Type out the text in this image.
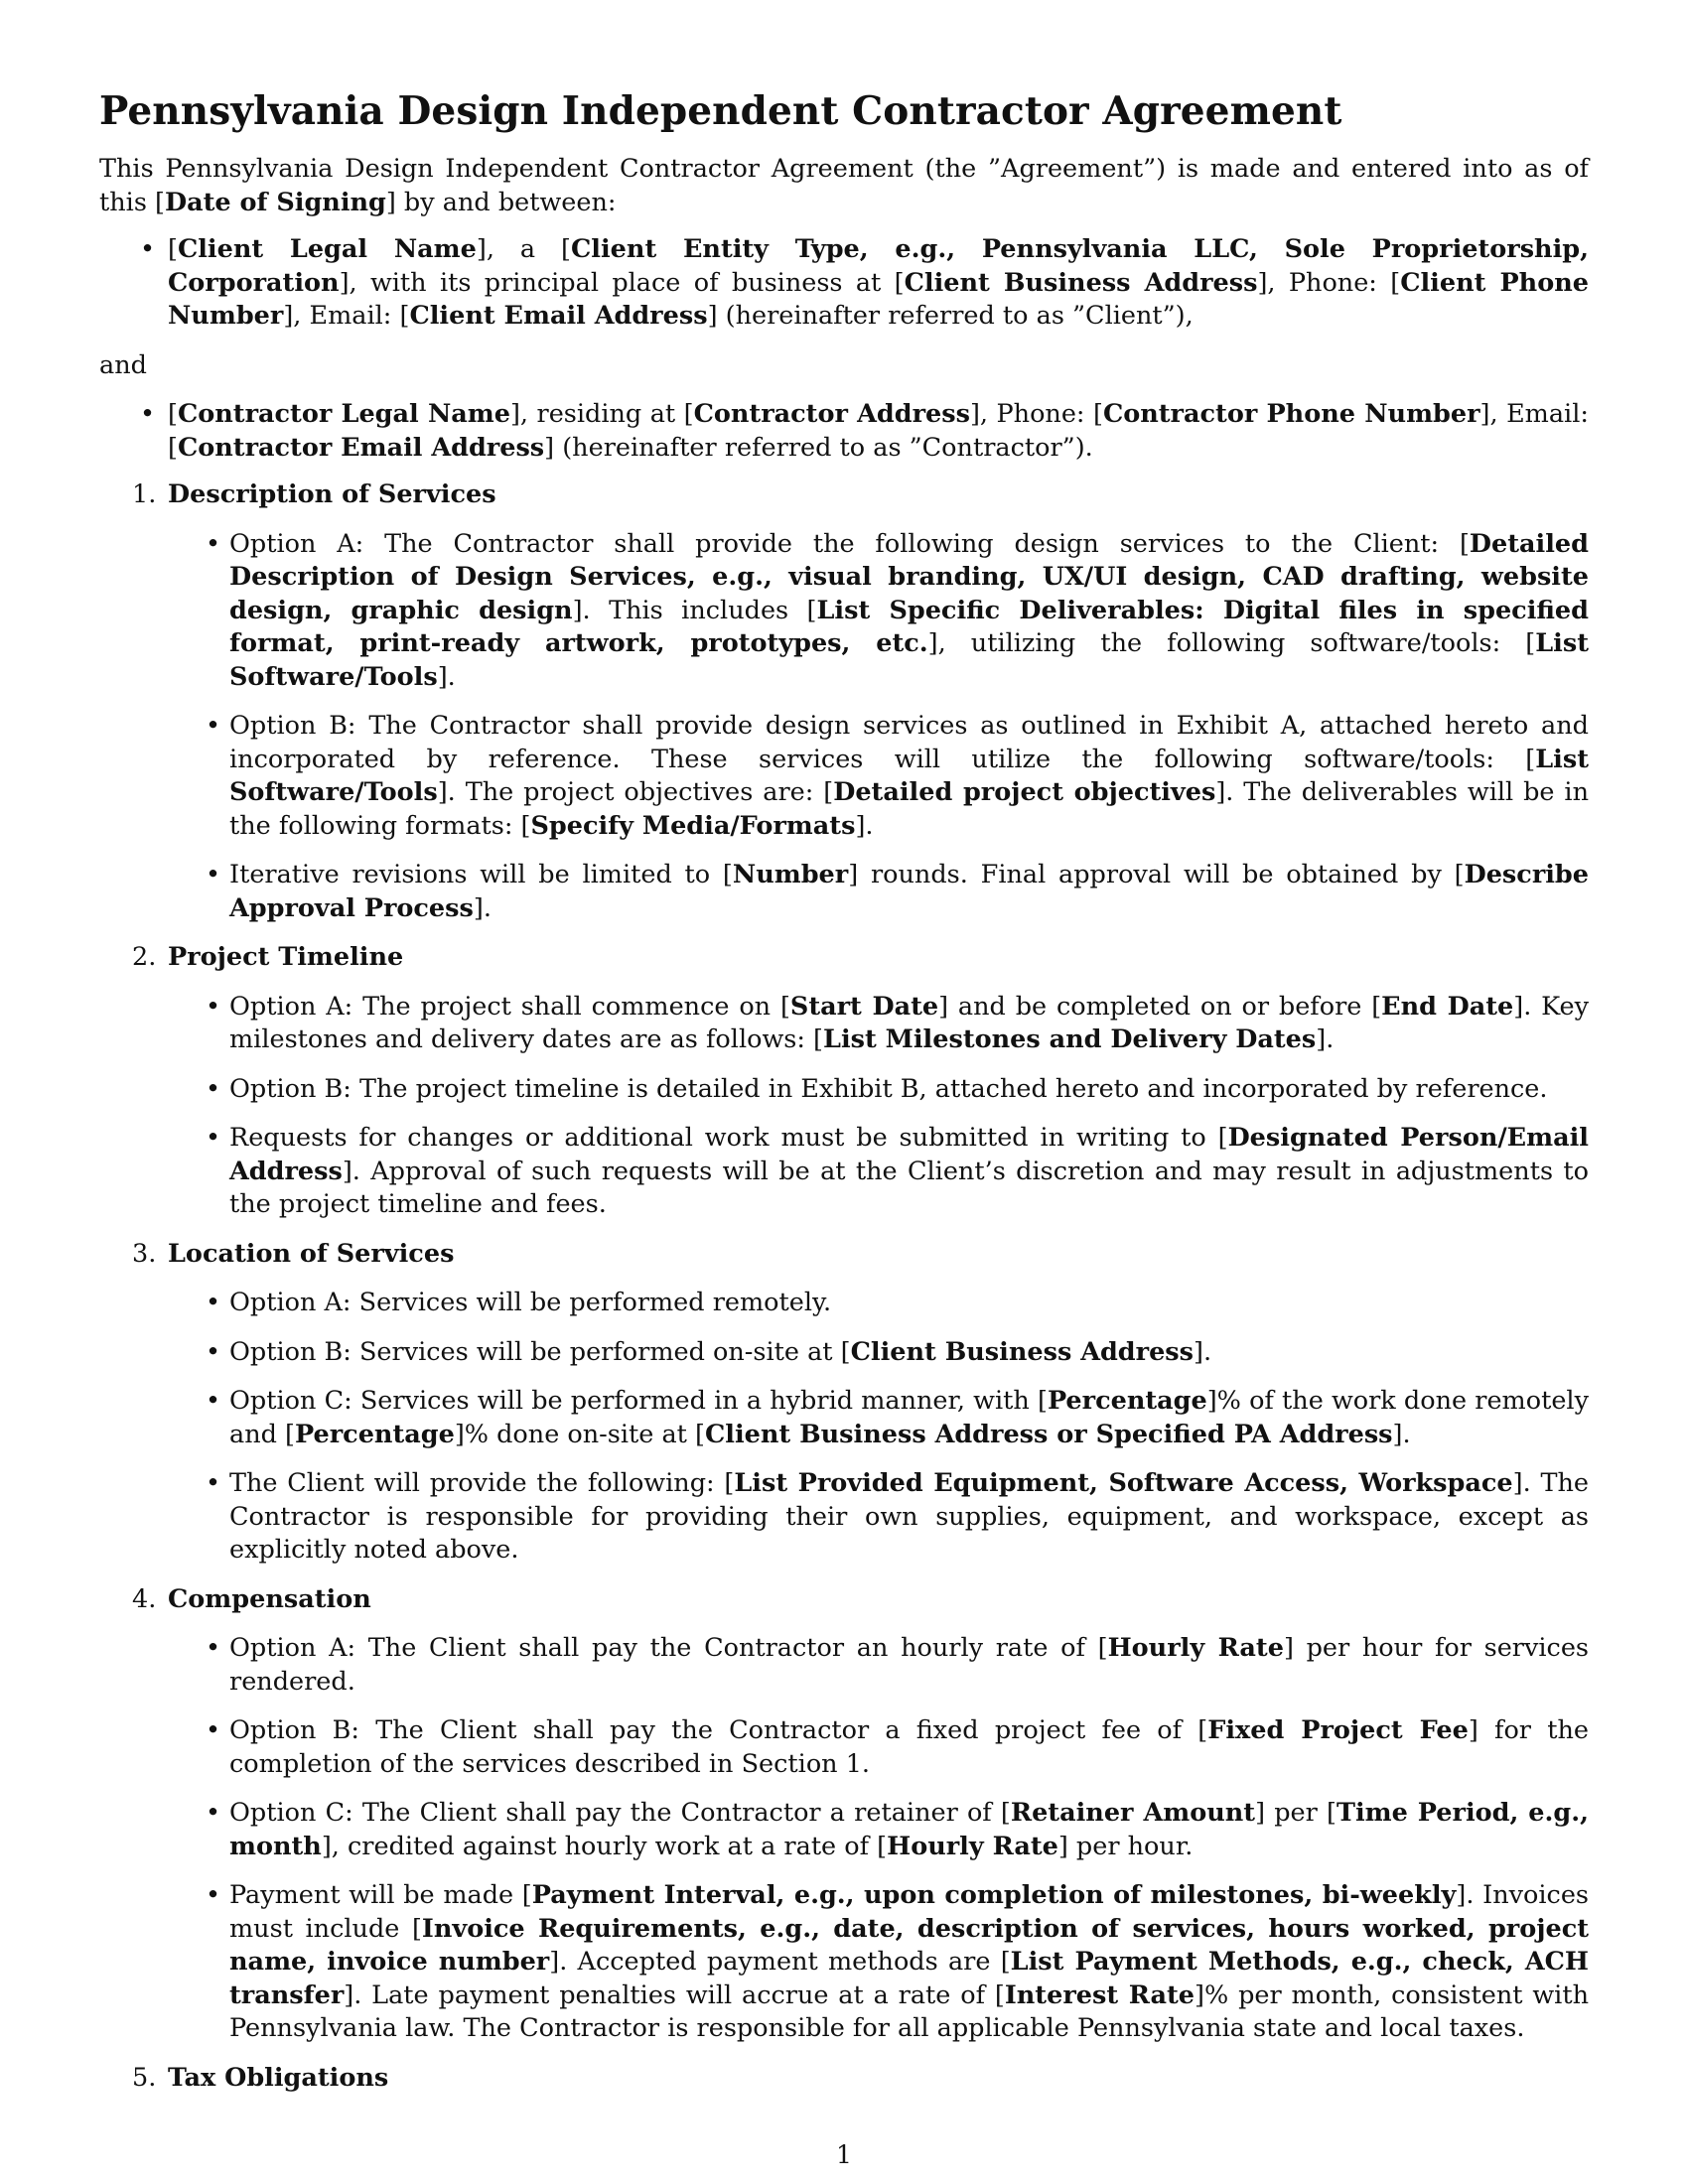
Pennsylvania Design Independent Contractor Agreement

This Pennsylvania Design Independent Contractor Agreement (the ”Agreement”) is made and entered into as of this [Date of Signing] by and between:

• [Client Legal Name], a [Client Entity Type, e.g., Pennsylvania LLC, Sole Proprietorship, Corporation], with its principal place of business at [Client Business Address], Phone: [Client Phone Number], Email: [Client Email Address] (hereinafter referred to as ”Client”),

and

• [Contractor Legal Name], residing at [Contractor Address], Phone: [Contractor Phone Number], Email: [Contractor Email Address] (hereinafter referred to as ”Contractor”).
1. Description of Services
• Option A: The Contractor shall provide the following design services to the Client: [Detailed Description of Design Services, e.g., visual branding, UX/UI design, CAD drafting, website design, graphic design]. This includes [List Specific Deliverables: Digital files in specified format, print-ready artwork, prototypes, etc.], utilizing the following software/tools: [List Software/Tools].
• Option B: The Contractor shall provide design services as outlined in Exhibit A, attached hereto and incorporated by reference. These services will utilize the following software/tools: [List Software/Tools]. The project objectives are: [Detailed project objectives]. The deliverables will be in the following formats: [Specify Media/Formats].
• Iterative revisions will be limited to [Number] rounds. Final approval will be obtained by [Describe Approval Process].
2. Project Timeline
• Option A: The project shall commence on [Start Date] and be completed on or before [End Date]. Key milestones and delivery dates are as follows: [List Milestones and Delivery Dates].
• Option B: The project timeline is detailed in Exhibit B, attached hereto and incorporated by reference.
• Requests for changes or additional work must be submitted in writing to [Designated Person/Email Address]. Approval of such requests will be at the Client’s discretion and may result in adjustments to the project timeline and fees.
3. Location of Services
• Option A: Services will be performed remotely.
• Option B: Services will be performed on-site at [Client Business Address].
• Option C: Services will be performed in a hybrid manner, with [Percentage]% of the work done remotely and [Percentage]% done on-site at [Client Business Address or Specified PA Address].
• The Client will provide the following: [List Provided Equipment, Software Access, Workspace]. The Contractor is responsible for providing their own supplies, equipment, and workspace, except as explicitly noted above.
4. Compensation
• Option A: The Client shall pay the Contractor an hourly rate of [Hourly Rate] per hour for services rendered.
• Option B: The Client shall pay the Contractor a fixed project fee of [Fixed Project Fee] for the completion of the services described in Section 1.
• Option C: The Client shall pay the Contractor a retainer of [Retainer Amount] per [Time Period, e.g., month], credited against hourly work at a rate of [Hourly Rate] per hour.
• Payment will be made [Payment Interval, e.g., upon completion of milestones, bi-weekly]. Invoices must include [Invoice Requirements, e.g., date, description of services, hours worked, project name, invoice number]. Accepted payment methods are [List Payment Methods, e.g., check, ACH transfer]. Late payment penalties will accrue at a rate of [Interest Rate]% per month, consistent with Pennsylvania law. The Contractor is responsible for all applicable Pennsylvania state and local taxes.
5. Tax Obligations
1
